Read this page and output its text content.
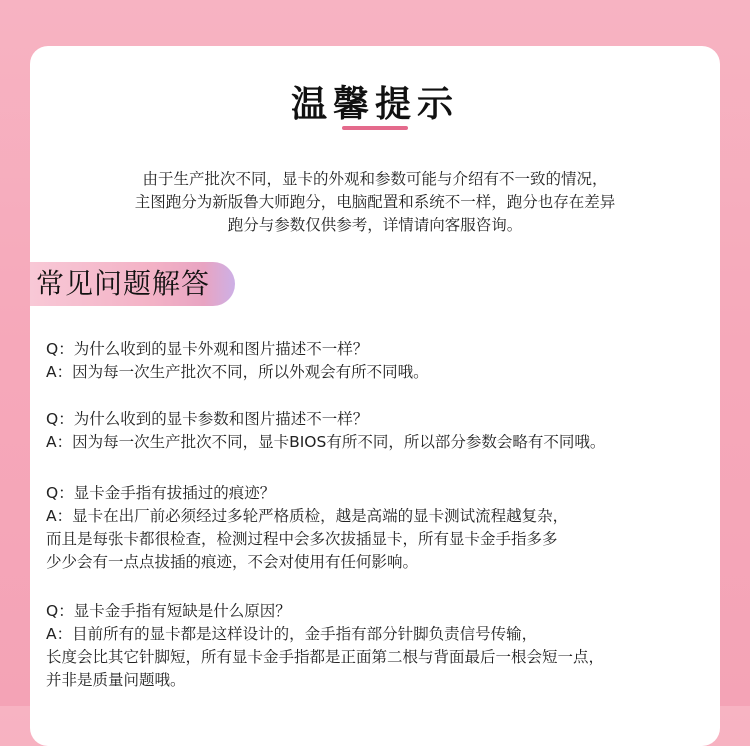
温馨提示
由于生产批次不同，显卡的外观和参数可能与介绍有不一致的情况，
主图跑分为新版鲁大师跑分，电脑配置和系统不一样，跑分也存在差异
跑分与参数仅供参考，详情请向客服咨询。
常见问题解答
Q：为什么收到的显卡外观和图片描述不一样？
A：因为每一次生产批次不同，所以外观会有所不同哦。
Q：为什么收到的显卡参数和图片描述不一样？
A：因为每一次生产批次不同，显卡BIOS有所不同，所以部分参数会略有不同哦。
Q：显卡金手指有拔插过的痕迹？
A：显卡在出厂前必须经过多轮严格质检，越是高端的显卡测试流程越复杂，
而且是每张卡都很检查，检测过程中会多次拔插显卡，所有显卡金手指多多
少少会有一点点拔插的痕迹，不会对使用有任何影响。
Q：显卡金手指有短缺是什么原因？
A：目前所有的显卡都是这样设计的，金手指有部分针脚负责信号传输，
长度会比其它针脚短，所有显卡金手指都是正面第二根与背面最后一根会短一点，
并非是质量问题哦。
